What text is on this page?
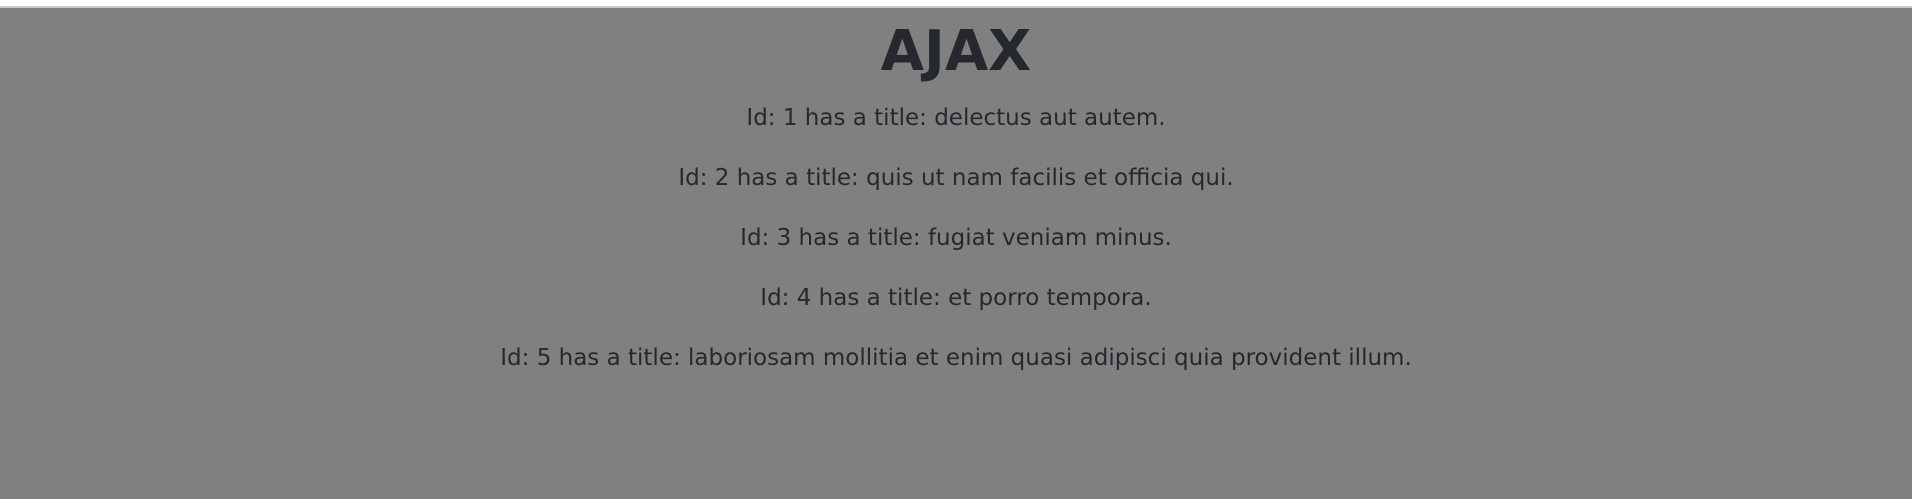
AJAX
Id: 1 has a title: delectus aut autem.
Id: 2 has a title: quis ut nam facilis et officia qui.
Id: 3 has a title: fugiat veniam minus.
Id: 4 has a title: et porro tempora.
Id: 5 has a title: laboriosam mollitia et enim quasi adipisci quia provident illum.
